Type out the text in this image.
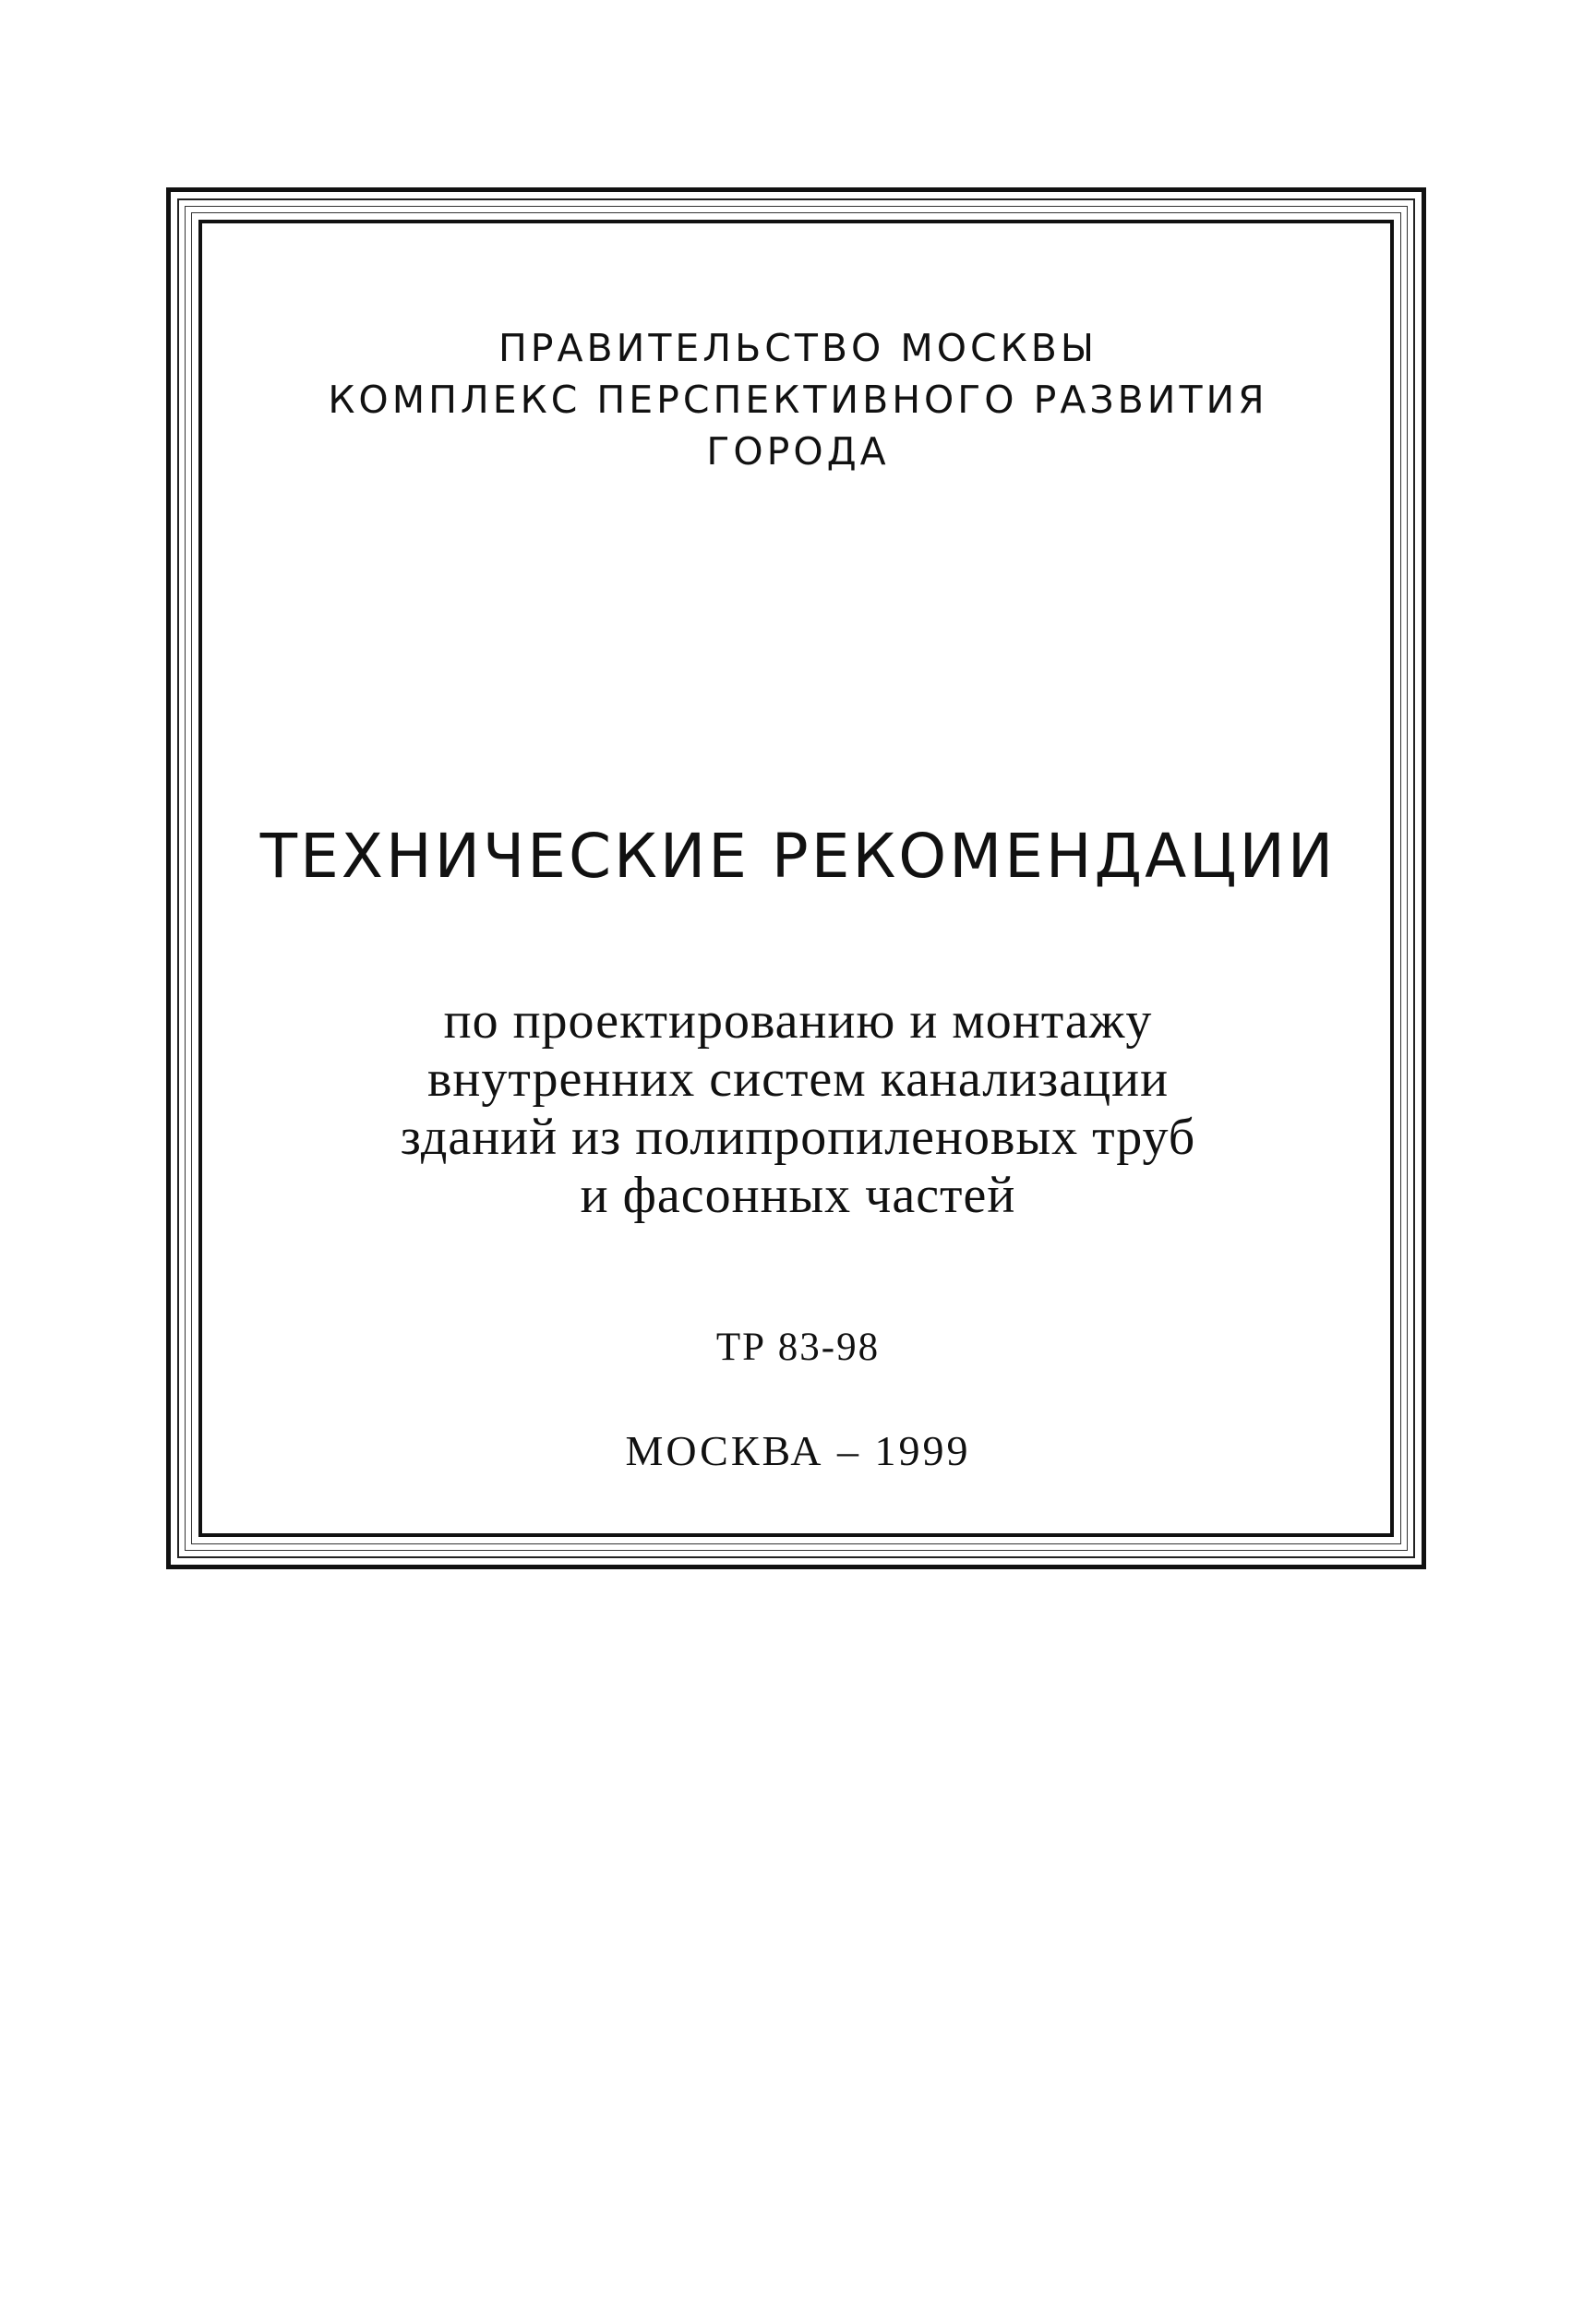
ПРАВИТЕЛЬСТВО МОСКВЫ
КОМПЛЕКС ПЕРСПЕКТИВНОГО РАЗВИТИЯ
ГОРОДА
ТЕХНИЧЕСКИЕ РЕКОМЕНДАЦИИ
по проектированию и монтажу
внутренних систем канализации
зданий из полипропиленовых труб
и фасонных частей
ТР 83-98
МОСКВА – 1999
